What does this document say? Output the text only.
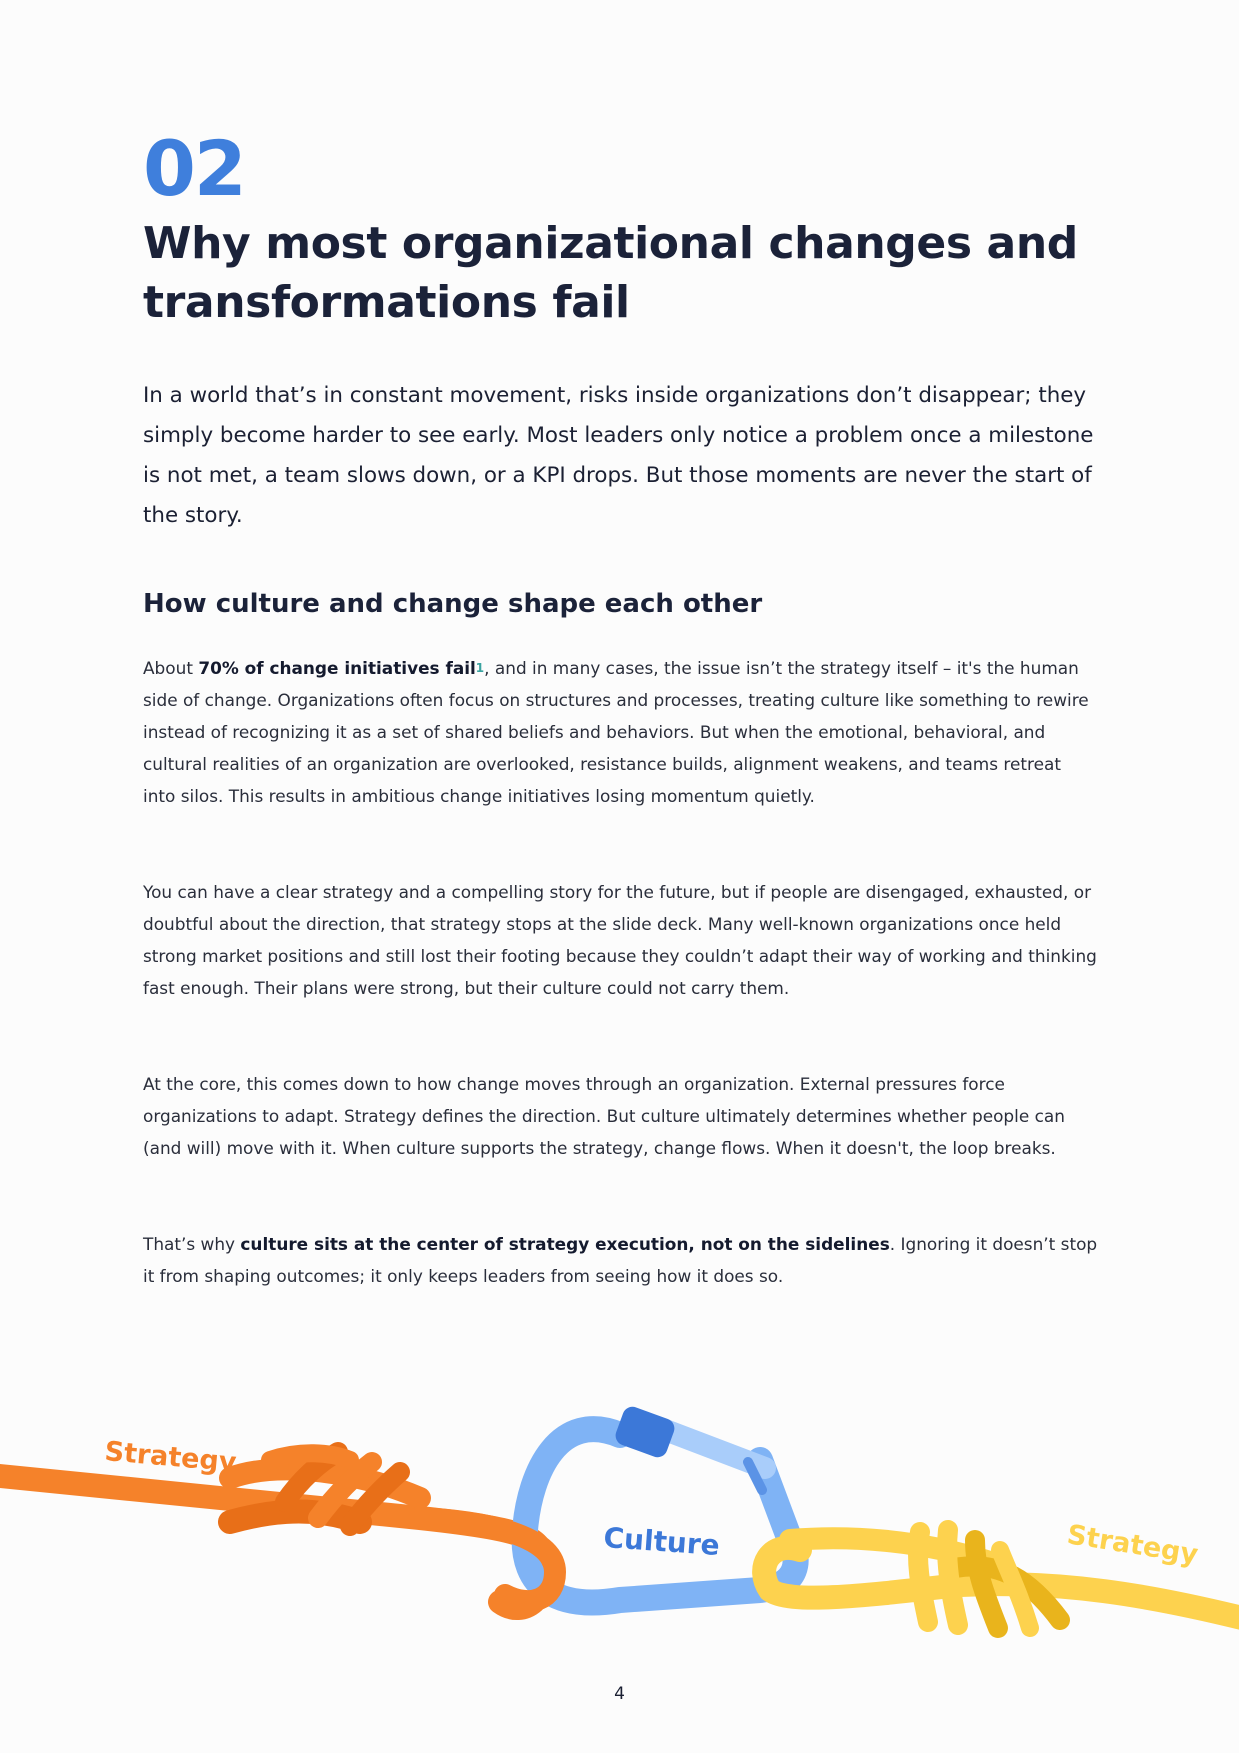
02
Why most organizational changes and transformations fail

In a world that’s in constant movement, risks inside organizations don’t disappear; they simply become harder to see early. Most leaders only notice a problem once a milestone is not met, a team slows down, or a KPI drops. But those moments are never the start of the story.

How culture and change shape each other

About 70% of change initiatives fail$^1$, and in many cases, the issue isn’t the strategy itself – it's the human side of change. Organizations often focus on structures and processes, treating culture like something to rewire instead of recognizing it as a set of shared beliefs and behaviors. But when the emotional, behavioral, and cultural realities of an organization are overlooked, resistance builds, alignment weakens, and teams retreat into silos. This results in ambitious change initiatives losing momentum quietly.

You can have a clear strategy and a compelling story for the future, but if people are disengaged, exhausted, or doubtful about the direction, that strategy stops at the slide deck. Many well-known organizations once held strong market positions and still lost their footing because they couldn’t adapt their way of working and thinking fast enough. Their plans were strong, but their culture could not carry them.

At the core, this comes down to how change moves through an organization. External pressures force organizations to adapt. Strategy defines the direction. But culture ultimately determines whether people can (and will) move with it. When culture supports the strategy, change flows. When it doesn't, the loop breaks.

That’s why culture sits at the center of strategy execution, not on the sidelines. Ignoring it doesn’t stop it from shaping outcomes; it only keeps leaders from seeing how it does so.

Strategy
Culture	Strategy
4
